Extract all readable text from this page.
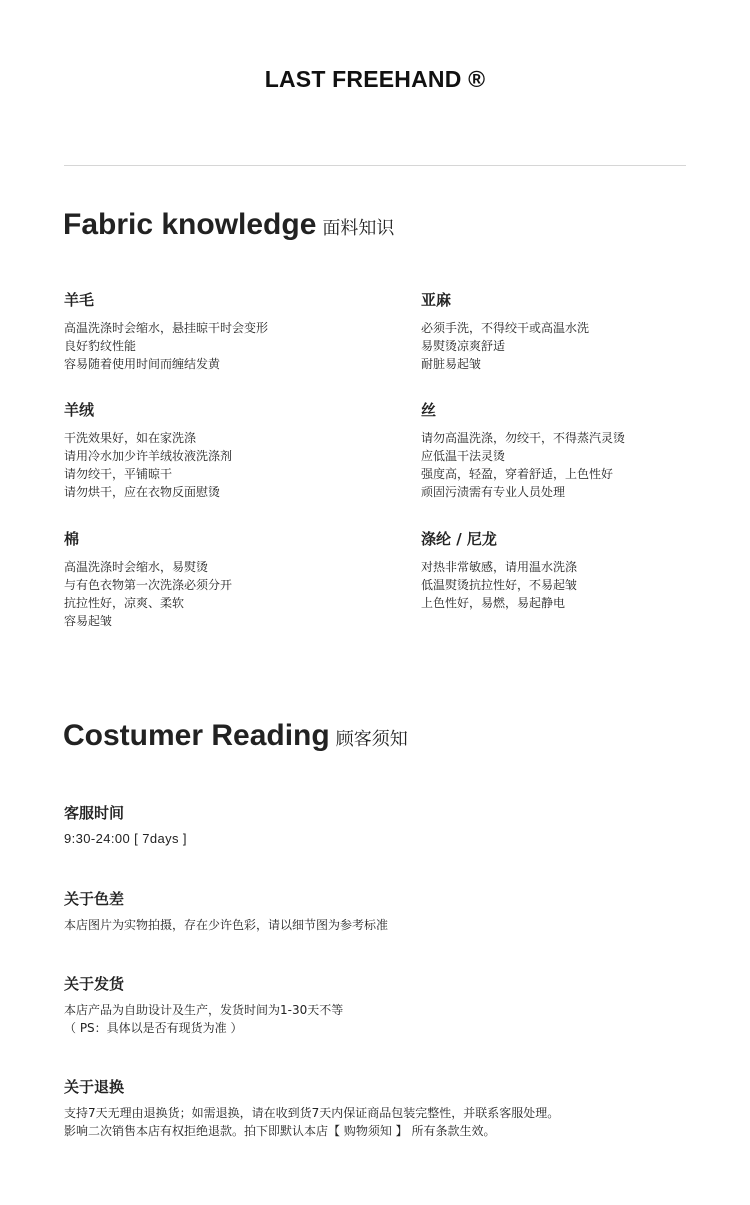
LAST FREEHAND ®
Fabric knowledge 面料知识
羊毛
高温洗涤时会缩水，悬挂晾干时会变形
良好豹纹性能
容易随着使用时间而缠结发黄
亚麻
必须手洗，不得绞干或高温水洗
易熨烫凉爽舒适
耐脏易起皱
羊绒
干洗效果好，如在家洗涤
请用冷水加少许羊绒妆液洗涤剂
请勿绞干，平铺晾干
请勿烘干，应在衣物反面慰烫
丝
请勿高温洗涤，勿绞干，不得蒸汽灵烫
应低温干法灵烫
强度高，轻盈，穿着舒适，上色性好
顽固污渍需有专业人员处理
棉
高温洗涤时会缩水，易熨烫
与有色衣物第一次洗涤必须分开
抗拉性好，凉爽、柔软
容易起皱
涤纶 / 尼龙
对热非常敏感，请用温水洗涤
低温熨烫抗拉性好，不易起皱
上色性好，易燃，易起静电
Costumer Reading 顾客须知
客服时间
9:30-24:00 [ 7days ]
关于色差
本店图片为实物拍摄，存在少许色彩，请以细节图为参考标准
关于发货
本店产品为自助设计及生产，发货时间为1-30天不等
（ PS：具体以是否有现货为准 ）
关于退换
支持7天无理由退换货；如需退换，请在收到货7天内保证商品包装完整性，并联系客服处理。
影响二次销售本店有权拒绝退款。拍下即默认本店【 购物须知 】 所有条款生效。
